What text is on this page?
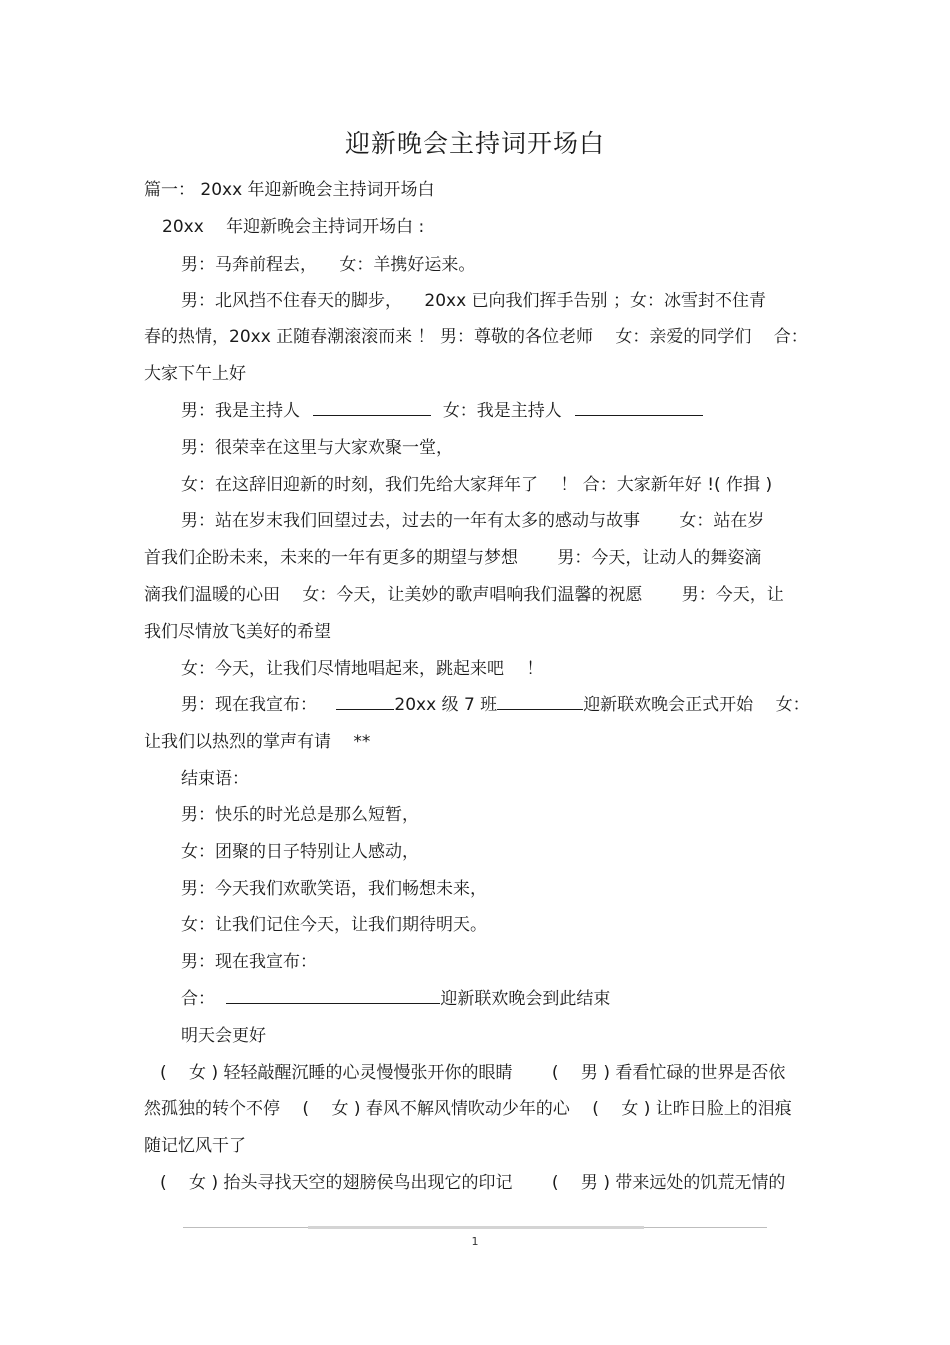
迎新晚会主持词开场白
篇一： 20xx 年迎新晚会主持词开场白
20xx 　年迎新晚会主持词开场白 :
男：马奔前程去， 　女：羊携好运来。
男：北风挡不住春天的脚步， 　20xx 已向我们挥手告别 ；女：冰雪封不住青
春的热情，20xx 正随春潮滚滚而来 ！ 男：尊敬的各位老师 　女：亲爱的同学们 　合：
大家下午上好
男：我是主持人	女：我是主持人
男：很荣幸在这里与大家欢聚一堂，
女：在这辞旧迎新的时刻，我们先给大家拜年了 　！ 合：大家新年好 !( 作揖 )
男：站在岁末我们回望过去，过去的一年有太多的感动与故事 　　女：站在岁
首我们企盼未来，未来的一年有更多的期望与梦想 　　男：今天，让动人的舞姿滴
滴我们温暖的心田 　女：今天，让美妙的歌声唱响我们温馨的祝愿 　　男：今天，让
我们尽情放飞美好的希望
女：今天，让我们尽情地唱起来，跳起来吧 　！
男：现在我宣布：	20xx 级 7 班	迎新联欢晚会正式开始 　女：
让我们以热烈的掌声有请 　**
结束语：
男：快乐的时光总是那么短暂，
女：团聚的日子特别让人感动，
男：今天我们欢歌笑语，我们畅想未来，
女：让我们记住今天，让我们期待明天。
男：现在我宣布：
合：	迎新联欢晚会到此结束
明天会更好
( 　女 ) 轻轻敲醒沉睡的心灵慢慢张开你的眼睛 　　( 　男 ) 看看忙碌的世界是否依
然孤独的转个不停 　( 　女 ) 春风不解风情吹动少年的心 　( 　女 ) 让昨日脸上的泪痕
随记忆风干了
( 　女 ) 抬头寻找天空的翅膀侯鸟出现它的印记 　　( 　男 ) 带来远处的饥荒无情的
1
